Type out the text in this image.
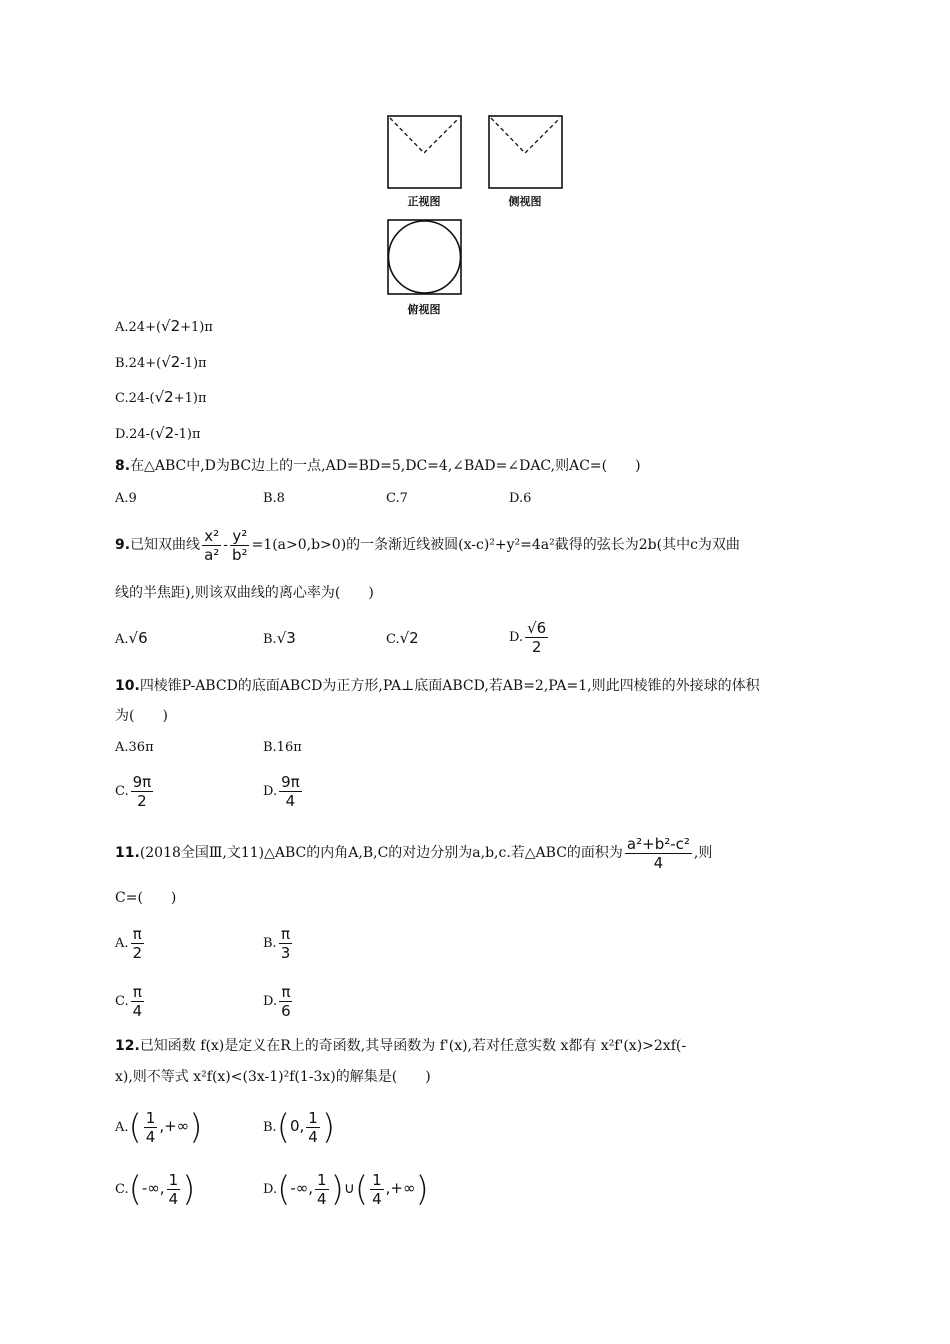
正视图	侧视图
俯视图
A.24+(√2+1)π
B.24+(√2-1)π
C.24-(√2+1)π
D.24-(√2-1)π
8.在△ABC中,D为BC边上的一点,AD=BD=5,DC=4,∠BAD=∠DAC,则AC=(　　)
A.9	B.8	C.7	D.6
9.已知双曲线 $\frac{\text{x²}}{\text{a²}} - \frac{\text{y²}}{\text{b²}} =1(a>0,b>0)$的一条渐近线被圆(x-c)²+y²=4a²截得的弦长为2b(其中c为双曲
线的半焦距),则该双曲线的离心率为(　　)
A.√6	B.√3	C.√2	D. $\frac{√6}{2}$
10.四棱锥P-ABCD的底面ABCD为正方形,PA⊥底面ABCD,若AB=2,PA=1,则此四棱锥的外接球的体积
为(　　)
A.36π	B.16π
C. $\frac{9\pi}{2}$	D. $\frac{9\pi}{4}$
11.(2018全国Ⅲ,文11)△ABC的内角A,B,C的对边分别为a,b,c.若△ABC的面积为 $\frac{\text{a²+b²-c²}}{4}$ ,则
C=(　　)
A. $\frac{\pi}{2}$	B. $\frac{\pi}{3}$
C. $\frac{\pi}{4}$	D. $\frac{\pi}{6}$
12.已知函数 f(x)是定义在R上的奇函数,其导函数为 f'(x),若对任意实数 x都有 x²f'(x)>2xf(-
x),则不等式 x²f(x)<(3x-1)²f(1-3x)的解集是(　　)
$A.( \frac{1}{4}$ ,+∞)	B.(0, $\frac{1}{4}$ )
C.(-∞, $\frac{1}{4}$ )	D.(-∞, $\frac{1}{4}$ )∪( $\frac{1}{4}$ ,+∞)
